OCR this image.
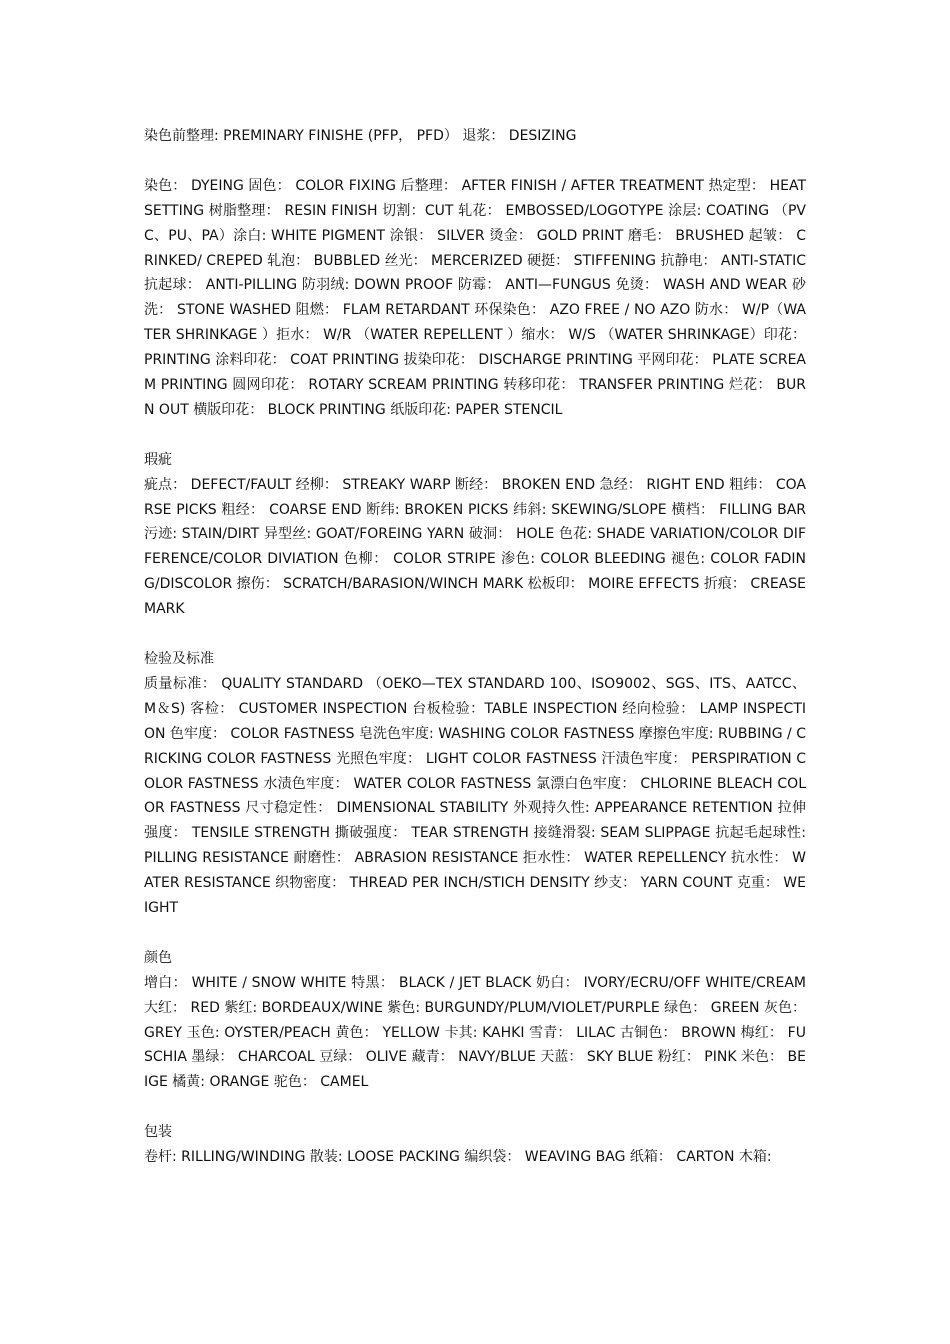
染色前整理: PREMINARY FINISHE (PFP， PFD） 退浆： DESIZING

染色： DYEING 固色： COLOR FIXING 后整理： AFTER FINISH / AFTER TREATMENT 热定型： HEAT SETTING 树脂整理： RESIN FINISH 切割：CUT 轧花： EMBOSSED/LOGOTYPE 涂层: COATING （PVC、PU、PA）涂白: WHITE PIGMENT 涂银： SILVER 烫金： GOLD PRINT 磨毛： BRUSHED 起皱： CRINKED/ CREPED 轧泡： BUBBLED 丝光： MERCERIZED 硬挺： STIFFENING 抗静电： ANTI-STATIC 抗起球： ANTI-PILLING 防羽绒: DOWN PROOF 防霉： ANTI—FUNGUS 免烫： WASH AND WEAR 砂洗： STONE WASHED 阻燃： FLAM RETARDANT 环保染色： AZO FREE / NO AZO 防水： W/P（WATER SHRINKAGE ）拒水： W/R （WATER REPELLENT ）缩水： W/S （WATER SHRINKAGE）印花： PRINTING 涂料印花： COAT PRINTING 拔染印花： DISCHARGE PRINTING 平网印花： PLATE SCREAM PRINTING 圆网印花： ROTARY SCREAM PRINTING 转移印花： TRANSFER PRINTING 烂花： BURN OUT 横版印花： BLOCK PRINTING 纸版印花: PAPER STENCIL

瑕疵

疵点： DEFECT/FAULT 经柳： STREAKY WARP 断经： BROKEN END 急经： RIGHT END 粗纬： COARSE PICKS 粗经： COARSE END 断纬: BROKEN PICKS 纬斜: SKEWING/SLOPE 横档： FILLING BAR 污迹: STAIN/DIRT 异型丝: GOAT/FOREING YARN 破洞： HOLE 色花: SHADE VARIATION/COLOR DIFFERENCE/COLOR DIVIATION 色柳： COLOR STRIPE 渗色: COLOR BLEEDING 褪色: COLOR FADING/DISCOLOR 擦伤： SCRATCH/BARASION/WINCH MARK 松板印： MOIRE EFFECTS 折痕： CREASE MARK

检验及标准

质量标准： QUALITY STANDARD （OEKO—TEX STANDARD 100、ISO9002、SGS、ITS、AATCC、M＆S) 客检： CUSTOMER INSPECTION 台板检验：TABLE INSPECTION 经向检验： LAMP INSPECTION 色牢度： COLOR FASTNESS 皂洗色牢度: WASHING COLOR FASTNESS 摩擦色牢度: RUBBING / CRICKING COLOR FASTNESS 光照色牢度： LIGHT COLOR FASTNESS 汗渍色牢度： PERSPIRATION COLOR FASTNESS 水渍色牢度： WATER COLOR FASTNESS 氯漂白色牢度： CHLORINE BLEACH COLOR FASTNESS 尺寸稳定性： DIMENSIONAL STABILITY 外观持久性: APPEARANCE RETENTION 拉伸强度： TENSILE STRENGTH 撕破强度： TEAR STRENGTH 接缝滑裂: SEAM SLIPPAGE 抗起毛起球性: PILLING RESISTANCE 耐磨性： ABRASION RESISTANCE 拒水性： WATER REPELLENCY 抗水性： WATER RESISTANCE 织物密度： THREAD PER INCH/STICH DENSITY 纱支： YARN COUNT 克重： WEIGHT

颜色

增白： WHITE / SNOW WHITE 特黑： BLACK / JET BLACK 奶白： IVORY/ECRU/OFF WHITE/CREAM 大红： RED 紫红: BORDEAUX/WINE 紫色: BURGUNDY/PLUM/VIOLET/PURPLE 绿色： GREEN 灰色： GREY 玉色: OYSTER/PEACH 黄色： YELLOW 卡其: KAHKI 雪青： LILAC 古铜色： BROWN 梅红： FUSCHIA 墨绿： CHARCOAL 豆绿： OLIVE 藏青： NAVY/BLUE 天蓝： SKY BLUE 粉红： PINK 米色： BEIGE 橘黄: ORANGE 驼色： CAMEL

包装

卷杆: RILLING/WINDING 散装: LOOSE PACKING 编织袋： WEAVING BAG 纸箱： CARTON 木箱:
